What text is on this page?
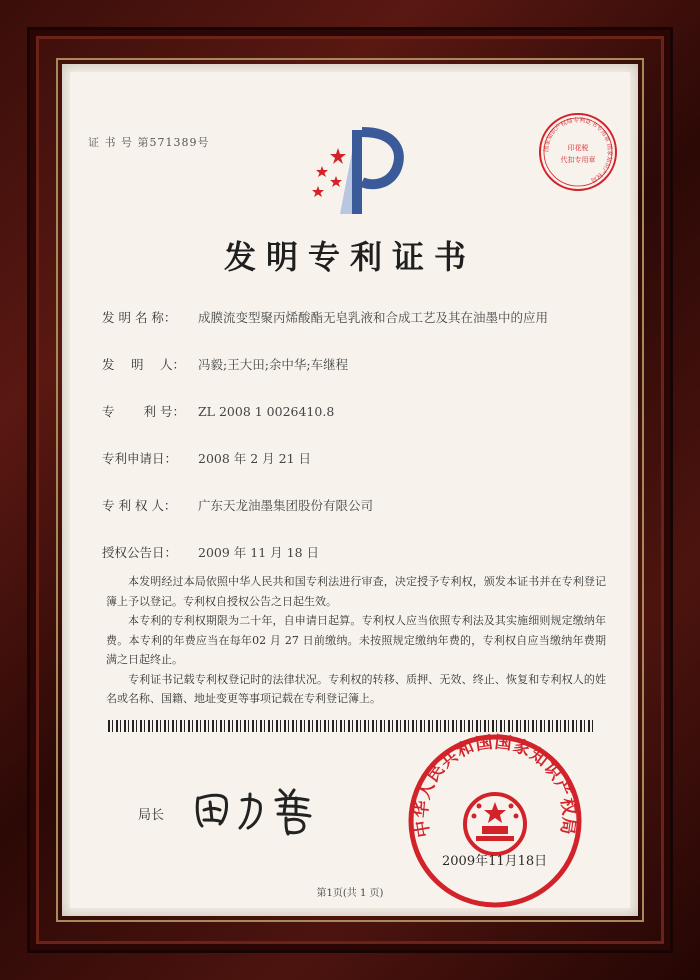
证 书 号 第571389号	国家知识产权局专利证书专用章 国家知识产权局
印花税
代扣专用章
发明专利证书
发 明 名 称： 成膜流变型聚丙烯酸酯无皂乳液和合成工艺及其在油墨中的应用
发　 明 　人： 冯毅;王大田;余中华;车继程
专　　 利 号： ZL 2008 1 0026410.8
专利申请日： 2008 年 2 月 21 日
专 利 权 人： 广东天龙油墨集团股份有限公司
授权公告日： 2009 年 11 月 18 日

本发明经过本局依照中华人民共和国专利法进行审查，决定授予专利权，颁发本证书并在专利登记簿上予以登记。专利权自授权公告之日起生效。

本专利的专利权期限为二十年，自申请日起算。专利权人应当依照专利法及其实施细则规定缴纳年费。本专利的年费应当在每年02 月 27 日前缴纳。未按照规定缴纳年费的，专利权自应当缴纳年费期满之日起终止。

专利证书记载专利权登记时的法律状况。专利权的转移、质押、无效、终止、恢复和专利权人的姓名或名称、国籍、地址变更等事项记载在专利登记簿上。

局长
中华人民共和国国家知识产权局
2009年11月18日
第1页(共 1 页)
